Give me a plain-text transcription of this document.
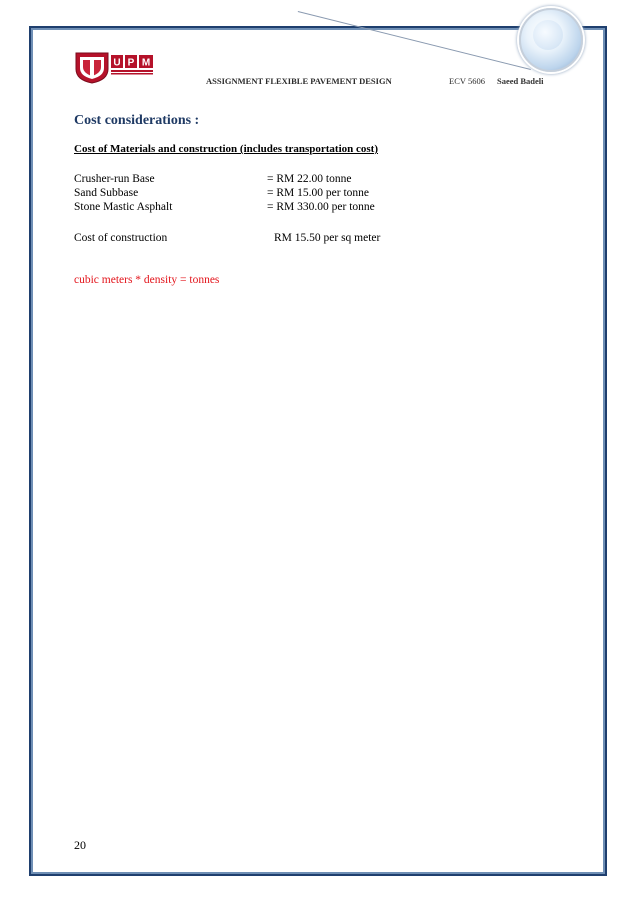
U P M
ASSIGNMENT FLEXIBLE PAVEMENT DESIGN	ECV 5606 Saeed Badeli
Cost considerations :
Cost of Materials and construction (includes transportation cost)
Crusher-run Base	= RM 22.00 tonne
Sand Subbase	= RM 15.00 per tonne
Stone Mastic Asphalt	= RM 330.00 per tonne
Cost of construction	RM 15.50 per sq meter
cubic meters * density = tonnes
20
